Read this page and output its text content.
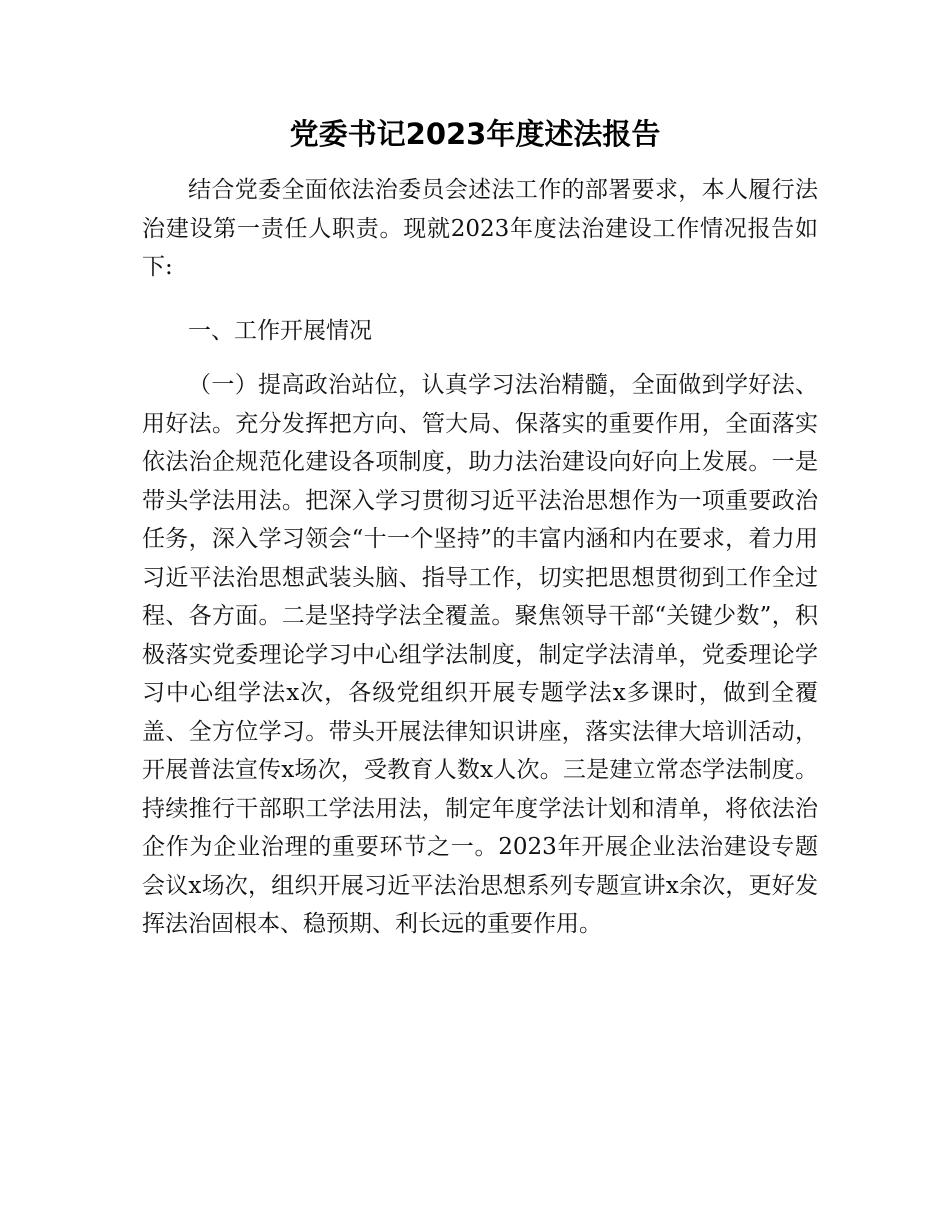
党委书记2023年度述法报告

结合党委全面依法治委员会述法工作的部署要求，本人履行法治建设第一责任人职责。现就2023年度法治建设工作情况报告如下:

一、工作开展情况

（一）提高政治站位，认真学习法治精髓，全面做到学好法、用好法。充分发挥把方向、管大局、保落实的重要作用，全面落实依法治企规范化建设各项制度，助力法治建设向好向上发展。一是带头学法用法。把深入学习贯彻习近平法治思想作为一项重要政治任务，深入学习领会“十一个坚持”的丰富内涵和内在要求，着力用习近平法治思想武装头脑、指导工作，切实把思想贯彻到工作全过程、各方面。二是坚持学法全覆盖。聚焦领导干部“关键少数”，积极落实党委理论学习中心组学法制度，制定学法清单，党委理论学习中心组学法x次，各级党组织开展专题学法x多课时，做到全覆盖、全方位学习。带头开展法律知识讲座，落实法律大培训活动，开展普法宣传x场次，受教育人数x人次。三是建立常态学法制度。持续推行干部职工学法用法，制定年度学法计划和清单，将依法治企作为企业治理的重要环节之一。2023年开展企业法治建设专题会议x场次，组织开展习近平法治思想系列专题宣讲x余次，更好发挥法治固根本、稳预期、利长远的重要作用。
